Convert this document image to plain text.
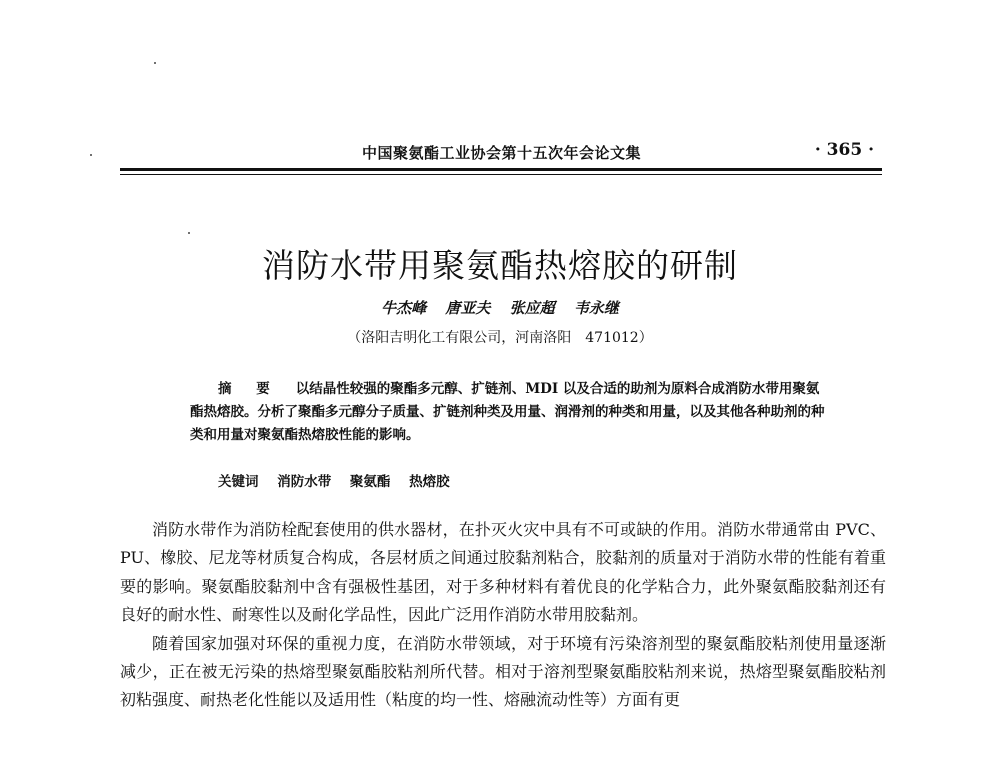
中国聚氨酯工业协会第十五次年会论文集	· 365 ·
消防水带用聚氨酯热熔胶的研制
牛杰峰 唐亚夫 张应超 韦永继
（洛阳吉明化工有限公司，河南洛阳　471012）
摘 要 以结晶性较强的聚酯多元醇、扩链剂、MDI 以及合适的助剂为原料合成消防水带用聚氨酯热熔胶。分析了聚酯多元醇分子质量、扩链剂种类及用量、润滑剂的种类和用量，以及其他各种助剂的种类和用量对聚氨酯热熔胶性能的影响。
关键词 消防水带 聚氨酯 热熔胶

消防水带作为消防栓配套使用的供水器材，在扑灭火灾中具有不可或缺的作用。消防水带通常由 PVC、PU、橡胶、尼龙等材质复合构成，各层材质之间通过胶黏剂粘合，胶黏剂的质量对于消防水带的性能有着重要的影响。聚氨酯胶黏剂中含有强极性基团，对于多种材料有着优良的化学粘合力，此外聚氨酯胶黏剂还有良好的耐水性、耐寒性以及耐化学品性，因此广泛用作消防水带用胶黏剂。

随着国家加强对环保的重视力度，在消防水带领域，对于环境有污染溶剂型的聚氨酯胶粘剂使用量逐渐减少，正在被无污染的热熔型聚氨酯胶粘剂所代替。相对于溶剂型聚氨酯胶粘剂来说，热熔型聚氨酯胶粘剂初粘强度、耐热老化性能以及适用性（粘度的均一性、熔融流动性等）方面有更
